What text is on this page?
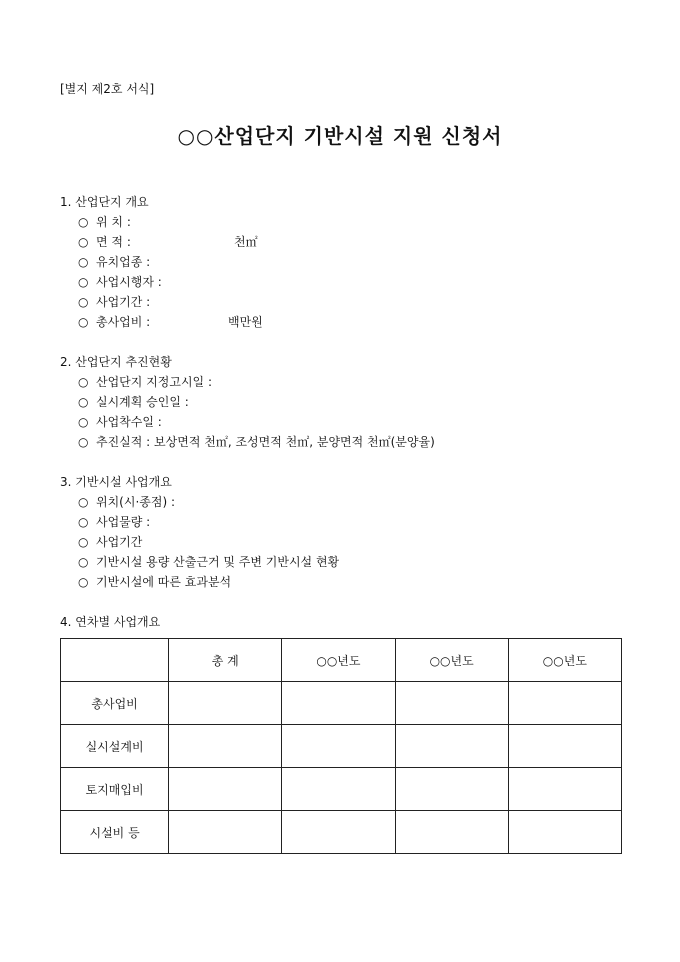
[별지 제2호 서식]
○○산업단지 기반시설 지원 신청서
1. 산업단지 개요
○ 위 치 :
○ 면 적 :	천㎡
○ 유치업종 :
○ 사업시행자 :
○ 사업기간 :
○ 총사업비 :	백만원
2. 산업단지 추진현황
○ 산업단지 지정고시일 :
○ 실시계획 승인일 :
○ 사업착수일 :
○ 추진실적 : 보상면적 천㎡, 조성면적 천㎡, 분양면적 천㎡(분양율)
3. 기반시설 사업개요
○ 위치(시·종점) :
○ 사업물량 :
○ 사업기간
○ 기반시설 용량 산출근거 및 주변 기반시설 현황
○ 기반시설에 따른 효과분석
4. 연차별 사업개요
	총 계	○○년도	○○년도	○○년도
총사업비				
실시설계비				
토지매입비				
시설비 등				
